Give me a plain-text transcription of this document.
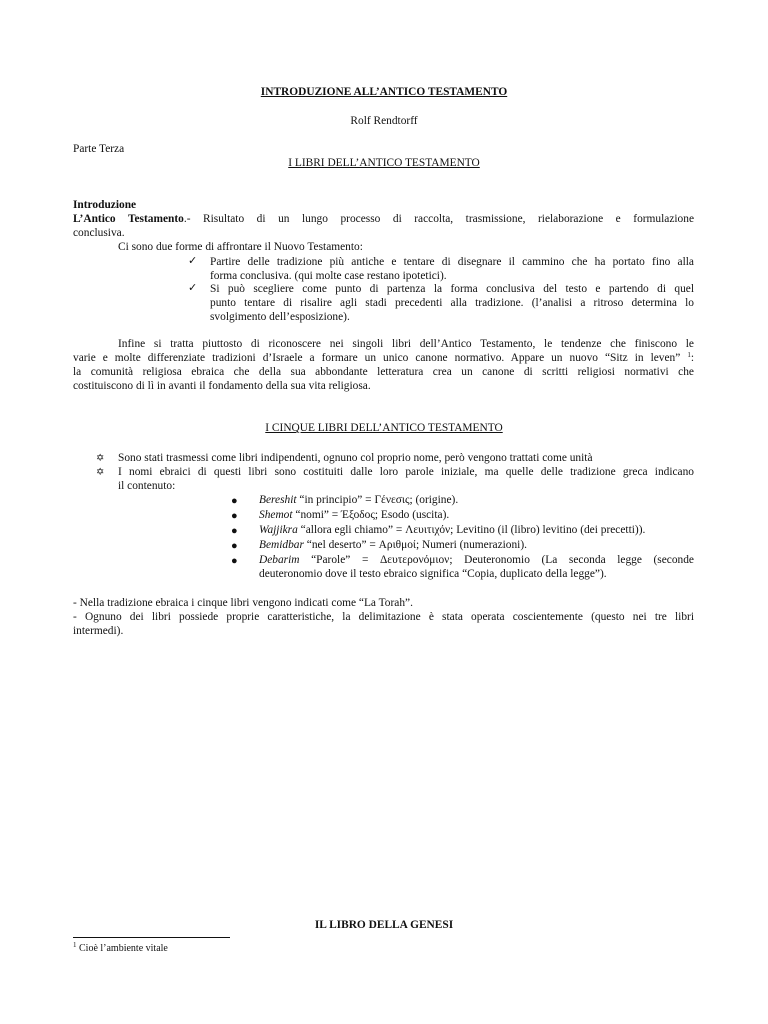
INTRODUZIONE ALL’ANTICO TESTAMENTO
Rolf Rendtorff
Parte Terza
I LIBRI DELL’ANTICO TESTAMENTO
Introduzione
L’Antico Testamento.- Risultato di un lungo processo di raccolta, trasmissione, rielaborazione e formulazione
conclusiva.
Ci sono due forme di affrontare il Nuovo Testamento:
✓ Partire delle tradizione più antiche e tentare di disegnare il cammino che ha portato fino alla
forma conclusiva. (qui molte case restano ipotetici).
✓ Si può scegliere come punto di partenza la forma conclusiva del testo e partendo di quel
punto tentare di risalire agli stadi precedenti alla tradizione. (l’analisi a ritroso determina lo
svolgimento dell’esposizione).
Infine si tratta piuttosto di riconoscere nei singoli libri dell’Antico Testamento, le tendenze che finiscono le
varie e molte differenziate tradizioni d’Israele a formare un unico canone normativo. Appare un nuovo “Sitz in leven” $^1$:
la comunità religiosa ebraica che della sua abbondante letteratura crea un canone di scritti religiosi normativi che
costituiscono di lì in avanti il fondamento della sua vita religiosa.
I CINQUE LIBRI DELL’ANTICO TESTAMENTO
✡ Sono stati trasmessi come libri indipendenti, ognuno col proprio nome, però vengono trattati come unità
✡ I nomi ebraici di questi libri sono costituiti dalle loro parole iniziale, ma quelle delle tradizione greca indicano
il contenuto:
● Bereshit “in principio” = Γένεσις; (origine).
● Shemot “nomi” = Έξοδος; Esodo (uscita).
● Wajjikra “allora egli chiamo” = Λευιτιχόν; Levitino (il (libro) levitino (dei precetti)).
● Bemidbar “nel deserto” = Αριθμοί; Numeri (numerazioni).
● Debarim “Parole” = Δευτερονόμιον; Deuteronomio (La seconda legge (seconde
deuteronomio dove il testo ebraico significa “Copia, duplicato della legge”).
- Nella tradizione ebraica i cinque libri vengono indicati come “La Torah”.
- Ognuno dei libri possiede proprie caratteristiche, la delimitazione è stata operata coscientemente (questo nei tre libri
intermedi).
IL LIBRO DELLA GENESI
$^1$ Cioè l’ambiente vitale
